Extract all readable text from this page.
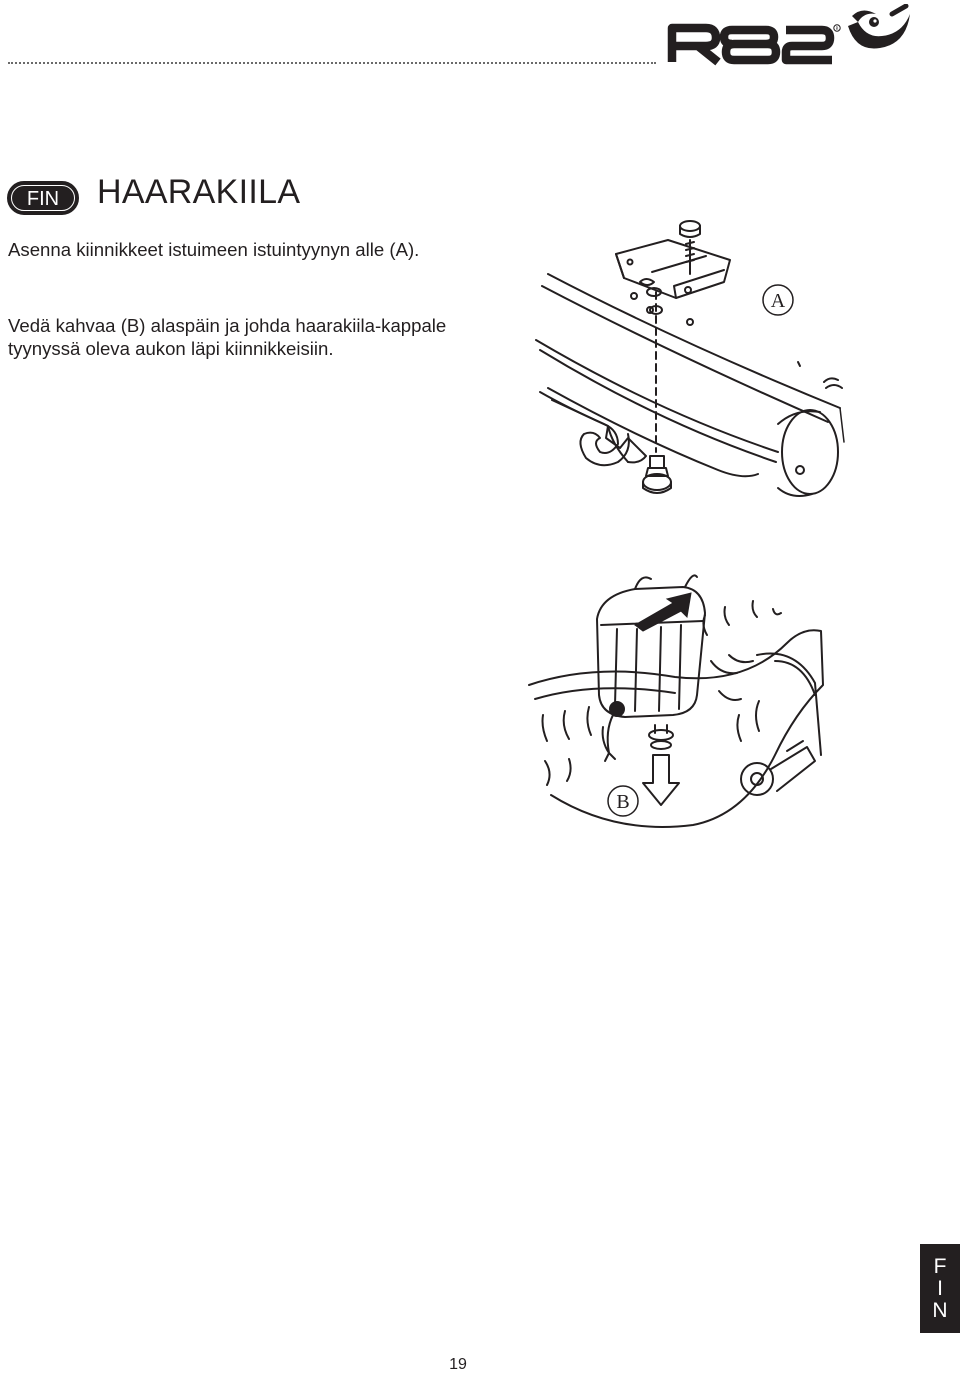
R
FIN	HAARAKIILA

Asenna kiinnikkeet istuimeen istuintyynyn alle (A).

Vedä kahvaa (B) alaspäin ja johda haarakiila-kappale tyynyssä oleva aukon läpi kiinnikkeisiin.

A
B
F
I
N
19
